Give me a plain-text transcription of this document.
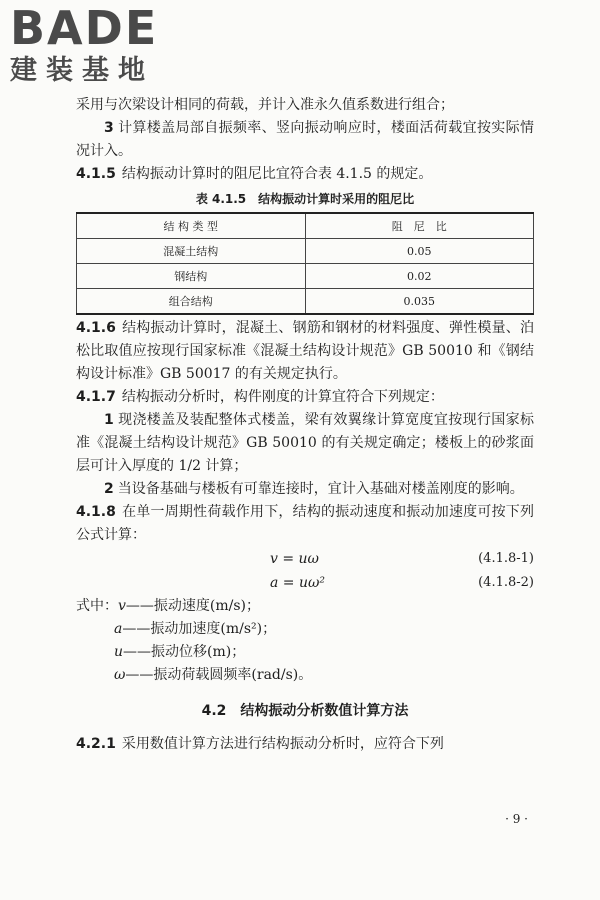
BADE
建装基地

采用与次梁设计相同的荷载，并计入准永久值系数进行组合；

3 计算楼盖局部自振频率、竖向振动响应时，楼面活荷载宜按实际情况计入。

4.1.5 结构振动计算时的阻尼比宜符合表 4.1.5 的规定。

表 4.1.5　结构振动计算时采用的阻尼比
结 构 类 型	阻　尼　比
混凝土结构	0.05
钢结构	0.02
组合结构	0.035

4.1.6 结构振动计算时，混凝土、钢筋和钢材的材料强度、弹性模量、泊松比取值应按现行国家标准《混凝土结构设计规范》GB 50010 和《钢结构设计标准》GB 50017 的有关规定执行。

4.1.7 结构振动分析时，构件刚度的计算宜符合下列规定：

1 现浇楼盖及装配整体式楼盖，梁有效翼缘计算宽度宜按现行国家标准《混凝土结构设计规范》GB 50010 的有关规定确定；楼板上的砂浆面层可计入厚度的 1/2 计算；

2 当设备基础与楼板有可靠连接时，宜计入基础对楼盖刚度的影响。

4.1.8 在单一周期性荷载作用下，结构的振动速度和振动加速度可按下列公式计算：

v = uω	(4.1.8-1)
a = uω²	(4.1.8-2)
式中：v——振动速度(m/s)；
a——振动加速度(m/s²)；
u——振动位移(m)；
ω——振动荷载圆频率(rad/s)。
4.2　结构振动分析数值计算方法

4.2.1 采用数值计算方法进行结构振动分析时，应符合下列

· 9 ·
